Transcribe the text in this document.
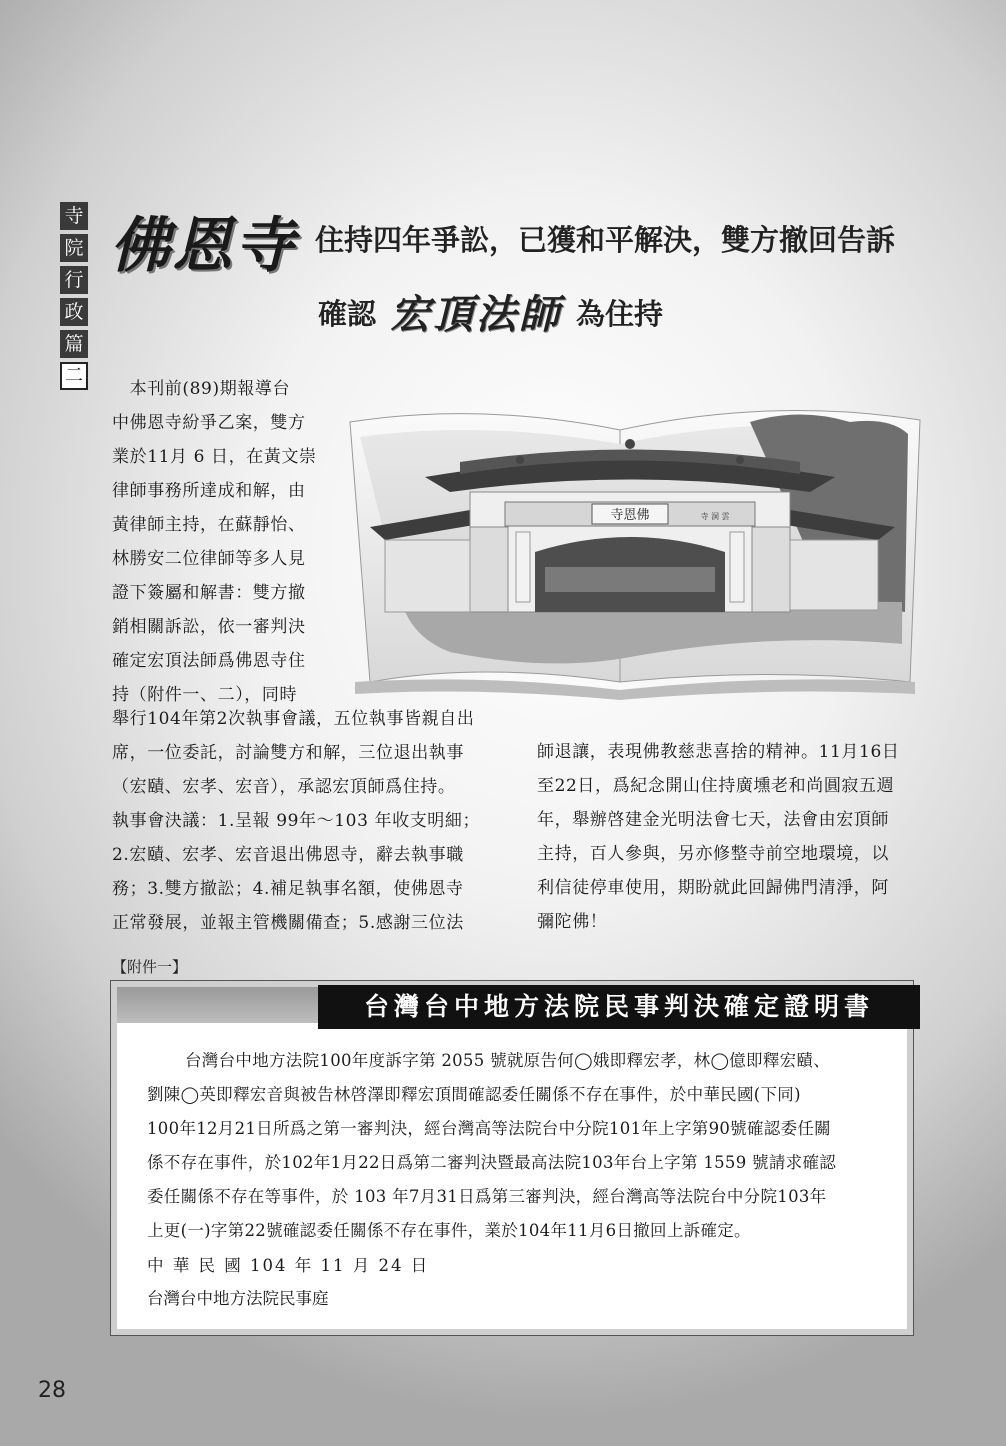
寺
院
行
政
篇
二
佛恩寺 住持四年爭訟，已獲和平解決，雙方撤回告訴
確認 宏頂法師 為住持
　本刊前(89)期報導台
中佛恩寺紛爭乙案，雙方
業於11月 6 日，在黃文崇
律師事務所達成和解，由
黃律師主持，在蘇靜怡、
林勝安二位律師等多人見
證下簽屬和解書：雙方撤
銷相關訴訟，依一審判決
確定宏頂法師爲佛恩寺住
持（附件一、二），同時
寺恩佛	寺 洞 雲
舉行104年第2次執事會議，五位執事皆親自出
席，一位委託，討論雙方和解，三位退出執事
（宏賾、宏孝、宏音），承認宏頂師爲住持。
執事會決議：1.呈報 99年～103 年收支明細；
2.宏賾、宏孝、宏音退出佛恩寺，辭去執事職
務；3.雙方撤訟；4.補足執事名額，使佛恩寺
正常發展，並報主管機關備查；5.感謝三位法
師退讓，表現佛教慈悲喜捨的精神。11月16日
至22日，爲紀念開山住持廣壎老和尚圓寂五週
年，舉辦啓建金光明法會七天，法會由宏頂師
主持，百人參與，另亦修整寺前空地環境，以
利信徒停車使用，期盼就此回歸佛門清淨，阿
彌陀佛！
【附件一】
台灣台中地方法院民事判決確定證明書
台灣台中地方法院100年度訴字第 2055 號就原告何◯娥即釋宏孝，林◯億即釋宏賾、
劉陳◯英即釋宏音與被告林啓澤即釋宏頂間確認委任關係不存在事件，於中華民國(下同)
100年12月21日所爲之第一審判決，經台灣高等法院台中分院101年上字第90號確認委任關
係不存在事件，於102年1月22日爲第二審判決暨最高法院103年台上字第 1559 號請求確認
委任關係不存在等事件，於 103 年7月31日爲第三審判決，經台灣高等法院台中分院103年
上更(一)字第22號確認委任關係不存在事件，業於104年11月6日撤回上訴確定。
中 華 民 國 104 年 11 月 24 日
台灣台中地方法院民事庭
28
